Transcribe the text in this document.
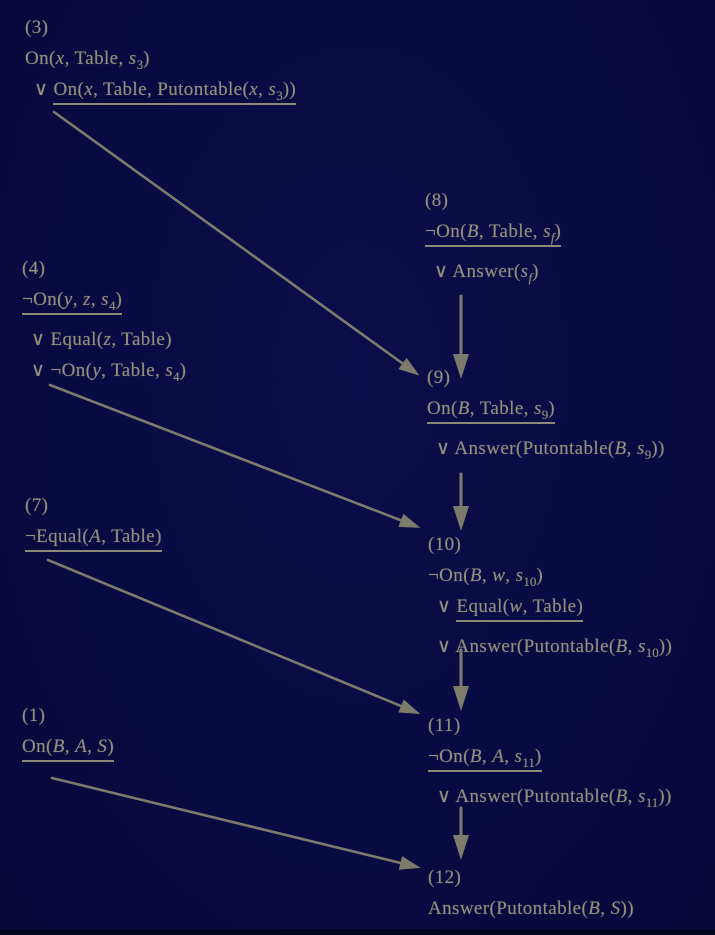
(3)
On(x, Table, $s_3$)
∨ On(x, Table, Putontable(x, $s_3$))
(8)
¬On(B, Table, $s_f$)
∨ $Answer(s_f)$
(4)
¬On(y, z, $s_4$)
∨ Equal(z, Table)
∨ ¬On(y, Table, $s_4$)	(9)
On(B, Table, $s_9$)
∨ Answer(Putontable(B, $s_9$))
(7)
¬Equal(A, Table)	(10)
¬On(B, w, $s_{10}$)
∨ Equal(w, Table)
∨ Answer(Putontable(B, $s_{10}$))
(1)
On(B, A, S)
(11)
¬On(B, A, $s_{11}$)
∨ Answer(Putontable(B, $s_{11}$))
(12)
Answer(Putontable(B, S))
